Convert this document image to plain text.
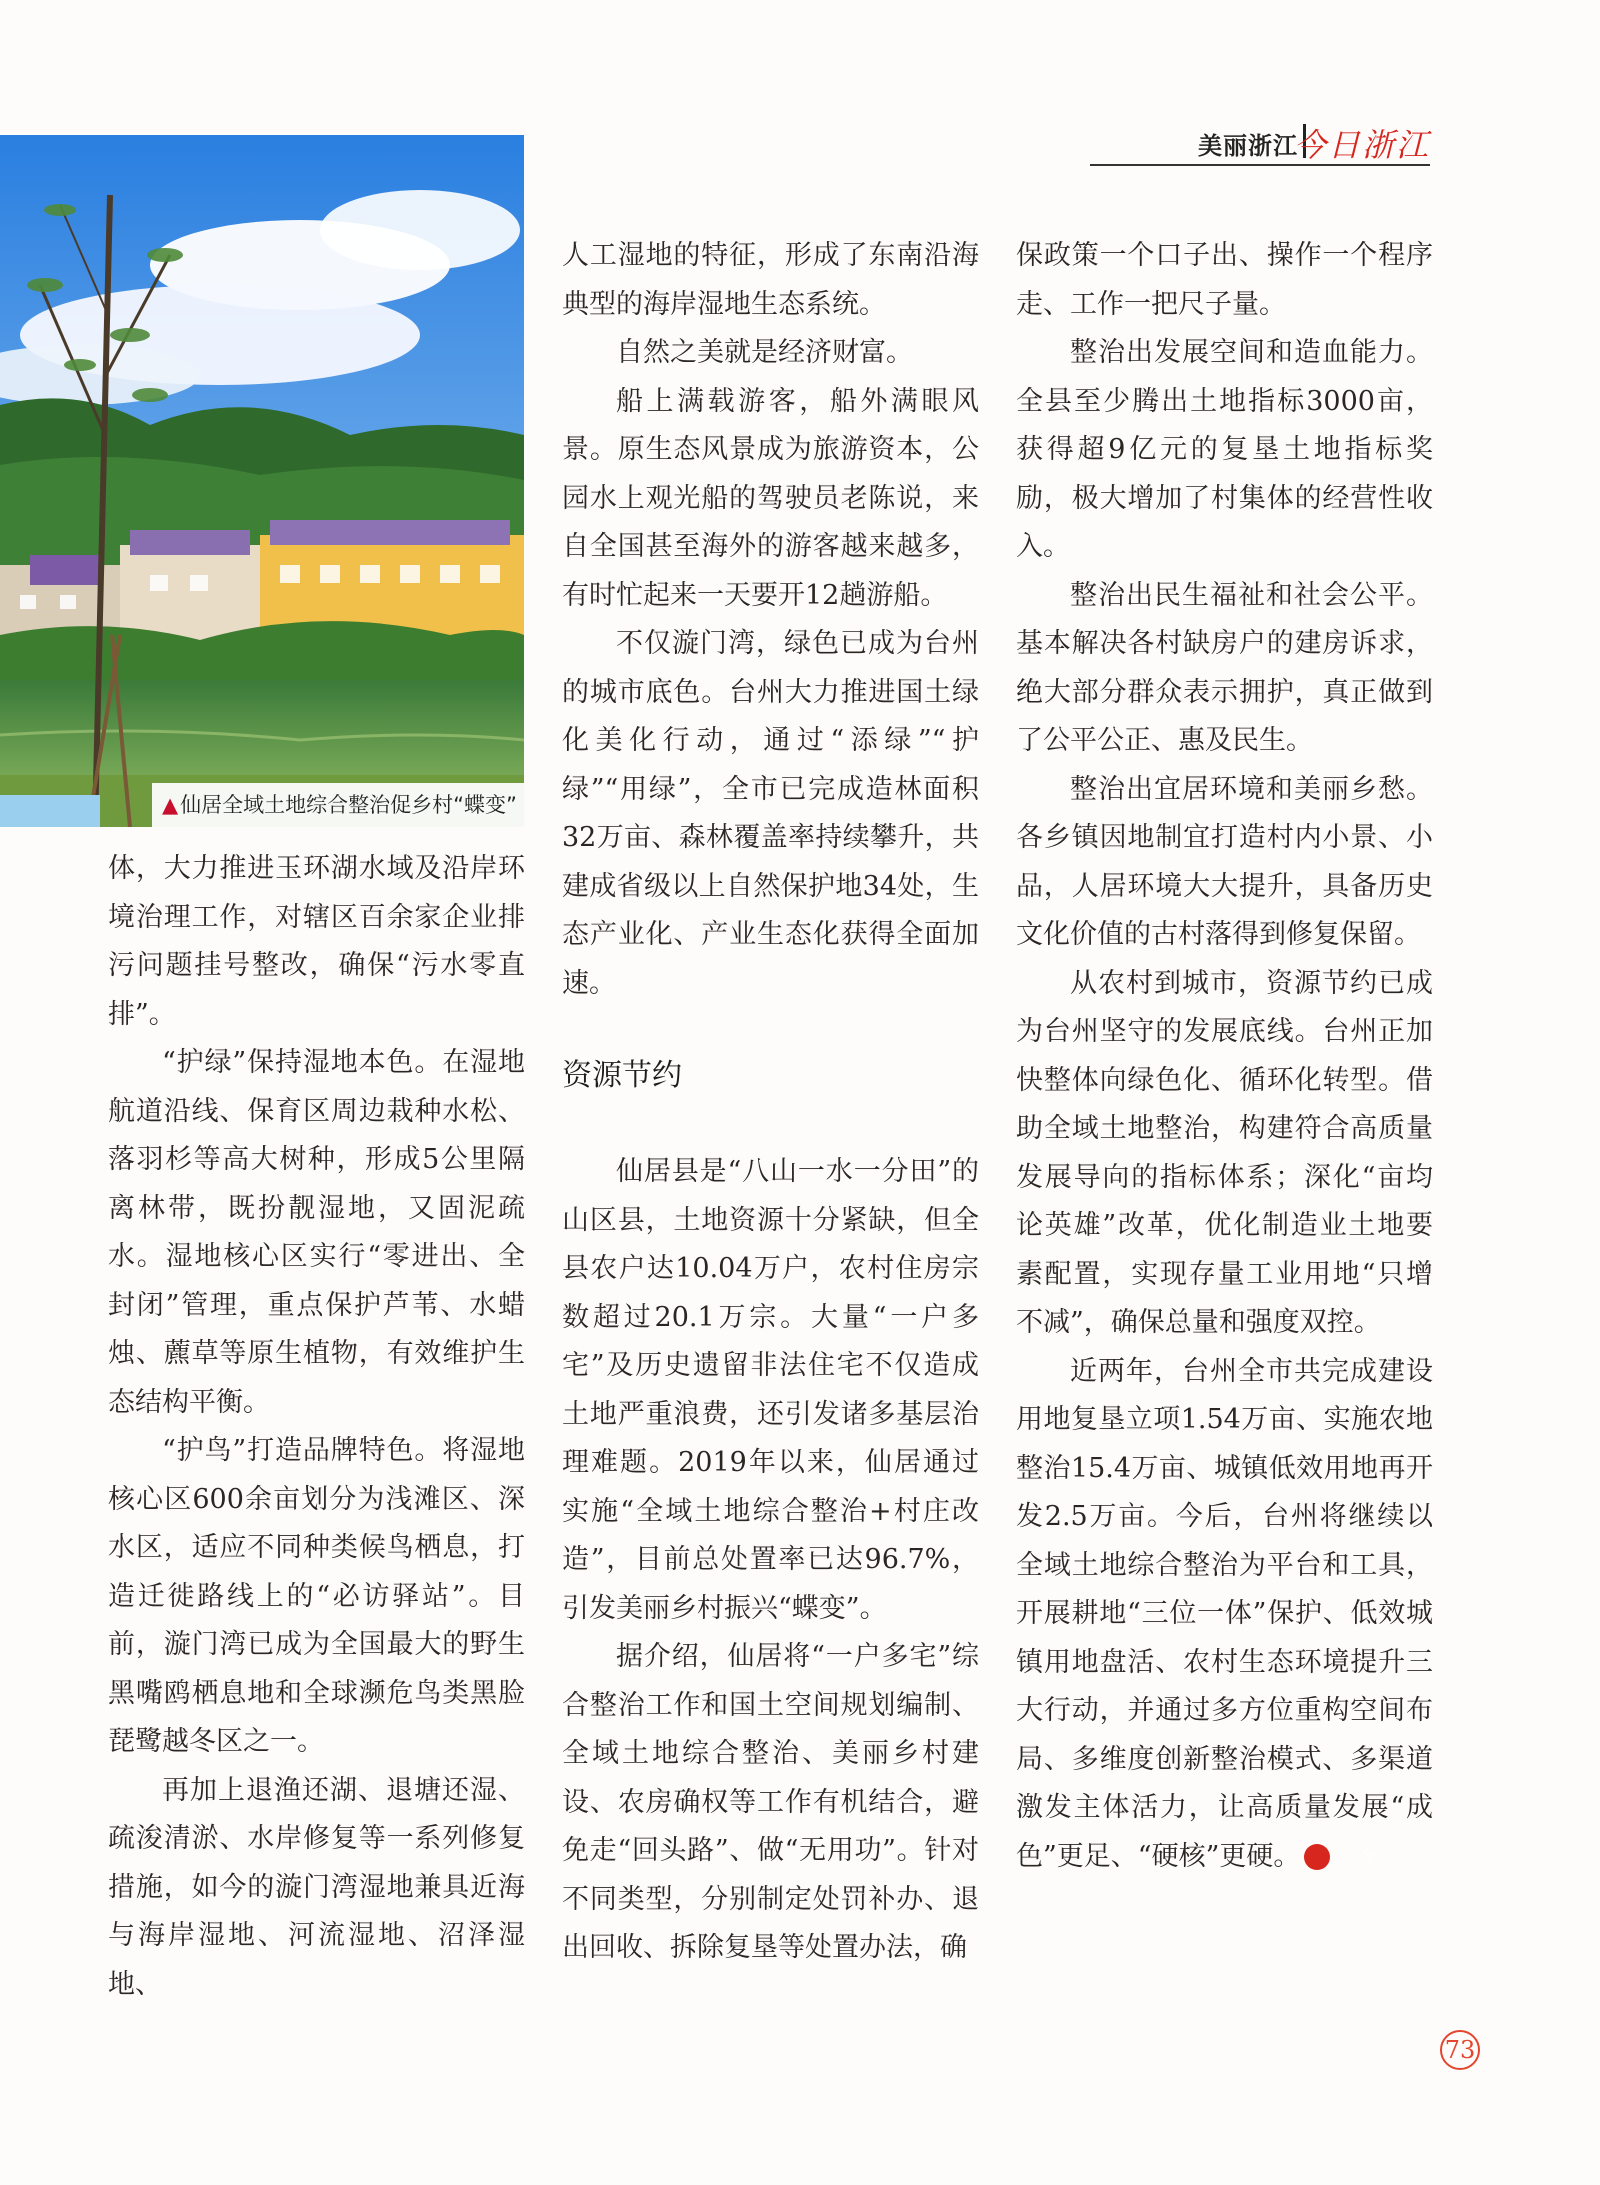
美丽浙江
今日浙江
▲仙居全域土地综合整治促乡村“蝶变”

体，大力推进玉环湖水域及沿岸环境治理工作，对辖区百余家企业排污问题挂号整改，确保“污水零直排”。

“护绿”保持湿地本色。在湿地航道沿线、保育区周边栽种水松、落羽杉等高大树种，形成5公里隔离林带，既扮靓湿地，又固泥疏水。湿地核心区实行“零进出、全封闭”管理，重点保护芦苇、水蜡烛、藨草等原生植物，有效维护生态结构平衡。

“护鸟”打造品牌特色。将湿地核心区600余亩划分为浅滩区、深水区，适应不同种类候鸟栖息，打造迁徙路线上的“必访驿站”。目前，漩门湾已成为全国最大的野生黑嘴鸥栖息地和全球濒危鸟类黑脸琵鹭越冬区之一。

再加上退渔还湖、退塘还湿、疏浚清淤、水岸修复等一系列修复措施，如今的漩门湾湿地兼具近海与海岸湿地、河流湿地、沼泽湿地、

人工湿地的特征，形成了东南沿海典型的海岸湿地生态系统。

自然之美就是经济财富。

船上满载游客，船外满眼风景。原生态风景成为旅游资本，公园水上观光船的驾驶员老陈说，来自全国甚至海外的游客越来越多，有时忙起来一天要开12趟游船。

不仅漩门湾，绿色已成为台州的城市底色。台州大力推进国土绿化美化行动，通过“添绿”“护绿”“用绿”，全市已完成造林面积32万亩、森林覆盖率持续攀升，共建成省级以上自然保护地34处，生态产业化、产业生态化获得全面加速。

资源节约

仙居县是“八山一水一分田”的山区县，土地资源十分紧缺，但全县农户达10.04万户，农村住房宗数超过20.1万宗。大量“一户多宅”及历史遗留非法住宅不仅造成土地严重浪费，还引发诸多基层治理难题。2019年以来，仙居通过实施“全域土地综合整治+村庄改造”，目前总处置率已达96.7%，引发美丽乡村振兴“蝶变”。

据介绍，仙居将“一户多宅”综合整治工作和国土空间规划编制、全域土地综合整治、美丽乡村建设、农房确权等工作有机结合，避免走“回头路”、做“无用功”。针对不同类型，分别制定处罚补办、退出回收、拆除复垦等处置办法，确

保政策一个口子出、操作一个程序走、工作一把尺子量。

整治出发展空间和造血能力。全县至少腾出土地指标3000亩，获得超9亿元的复垦土地指标奖励，极大增加了村集体的经营性收入。

整治出民生福祉和社会公平。基本解决各村缺房户的建房诉求，绝大部分群众表示拥护，真正做到了公平公正、惠及民生。

整治出宜居环境和美丽乡愁。各乡镇因地制宜打造村内小景、小品，人居环境大大提升，具备历史文化价值的古村落得到修复保留。

从农村到城市，资源节约已成为台州坚守的发展底线。台州正加快整体向绿色化、循环化转型。借助全域土地整治，构建符合高质量发展导向的指标体系；深化“亩均论英雄”改革，优化制造业土地要素配置，实现存量工业用地“只增不减”，确保总量和强度双控。

近两年，台州全市共完成建设用地复垦立项1.54万亩、实施农地整治15.4万亩、城镇低效用地再开发2.5万亩。今后，台州将继续以全域土地综合整治为平台和工具，开展耕地“三位一体”保护、低效城镇用地盘活、农村生态环境提升三大行动，并通过多方位重构空间布局、多维度创新整治模式、多渠道激发主体活力，让高质量发展“成色”更足、“硬核”更硬。	今

73
